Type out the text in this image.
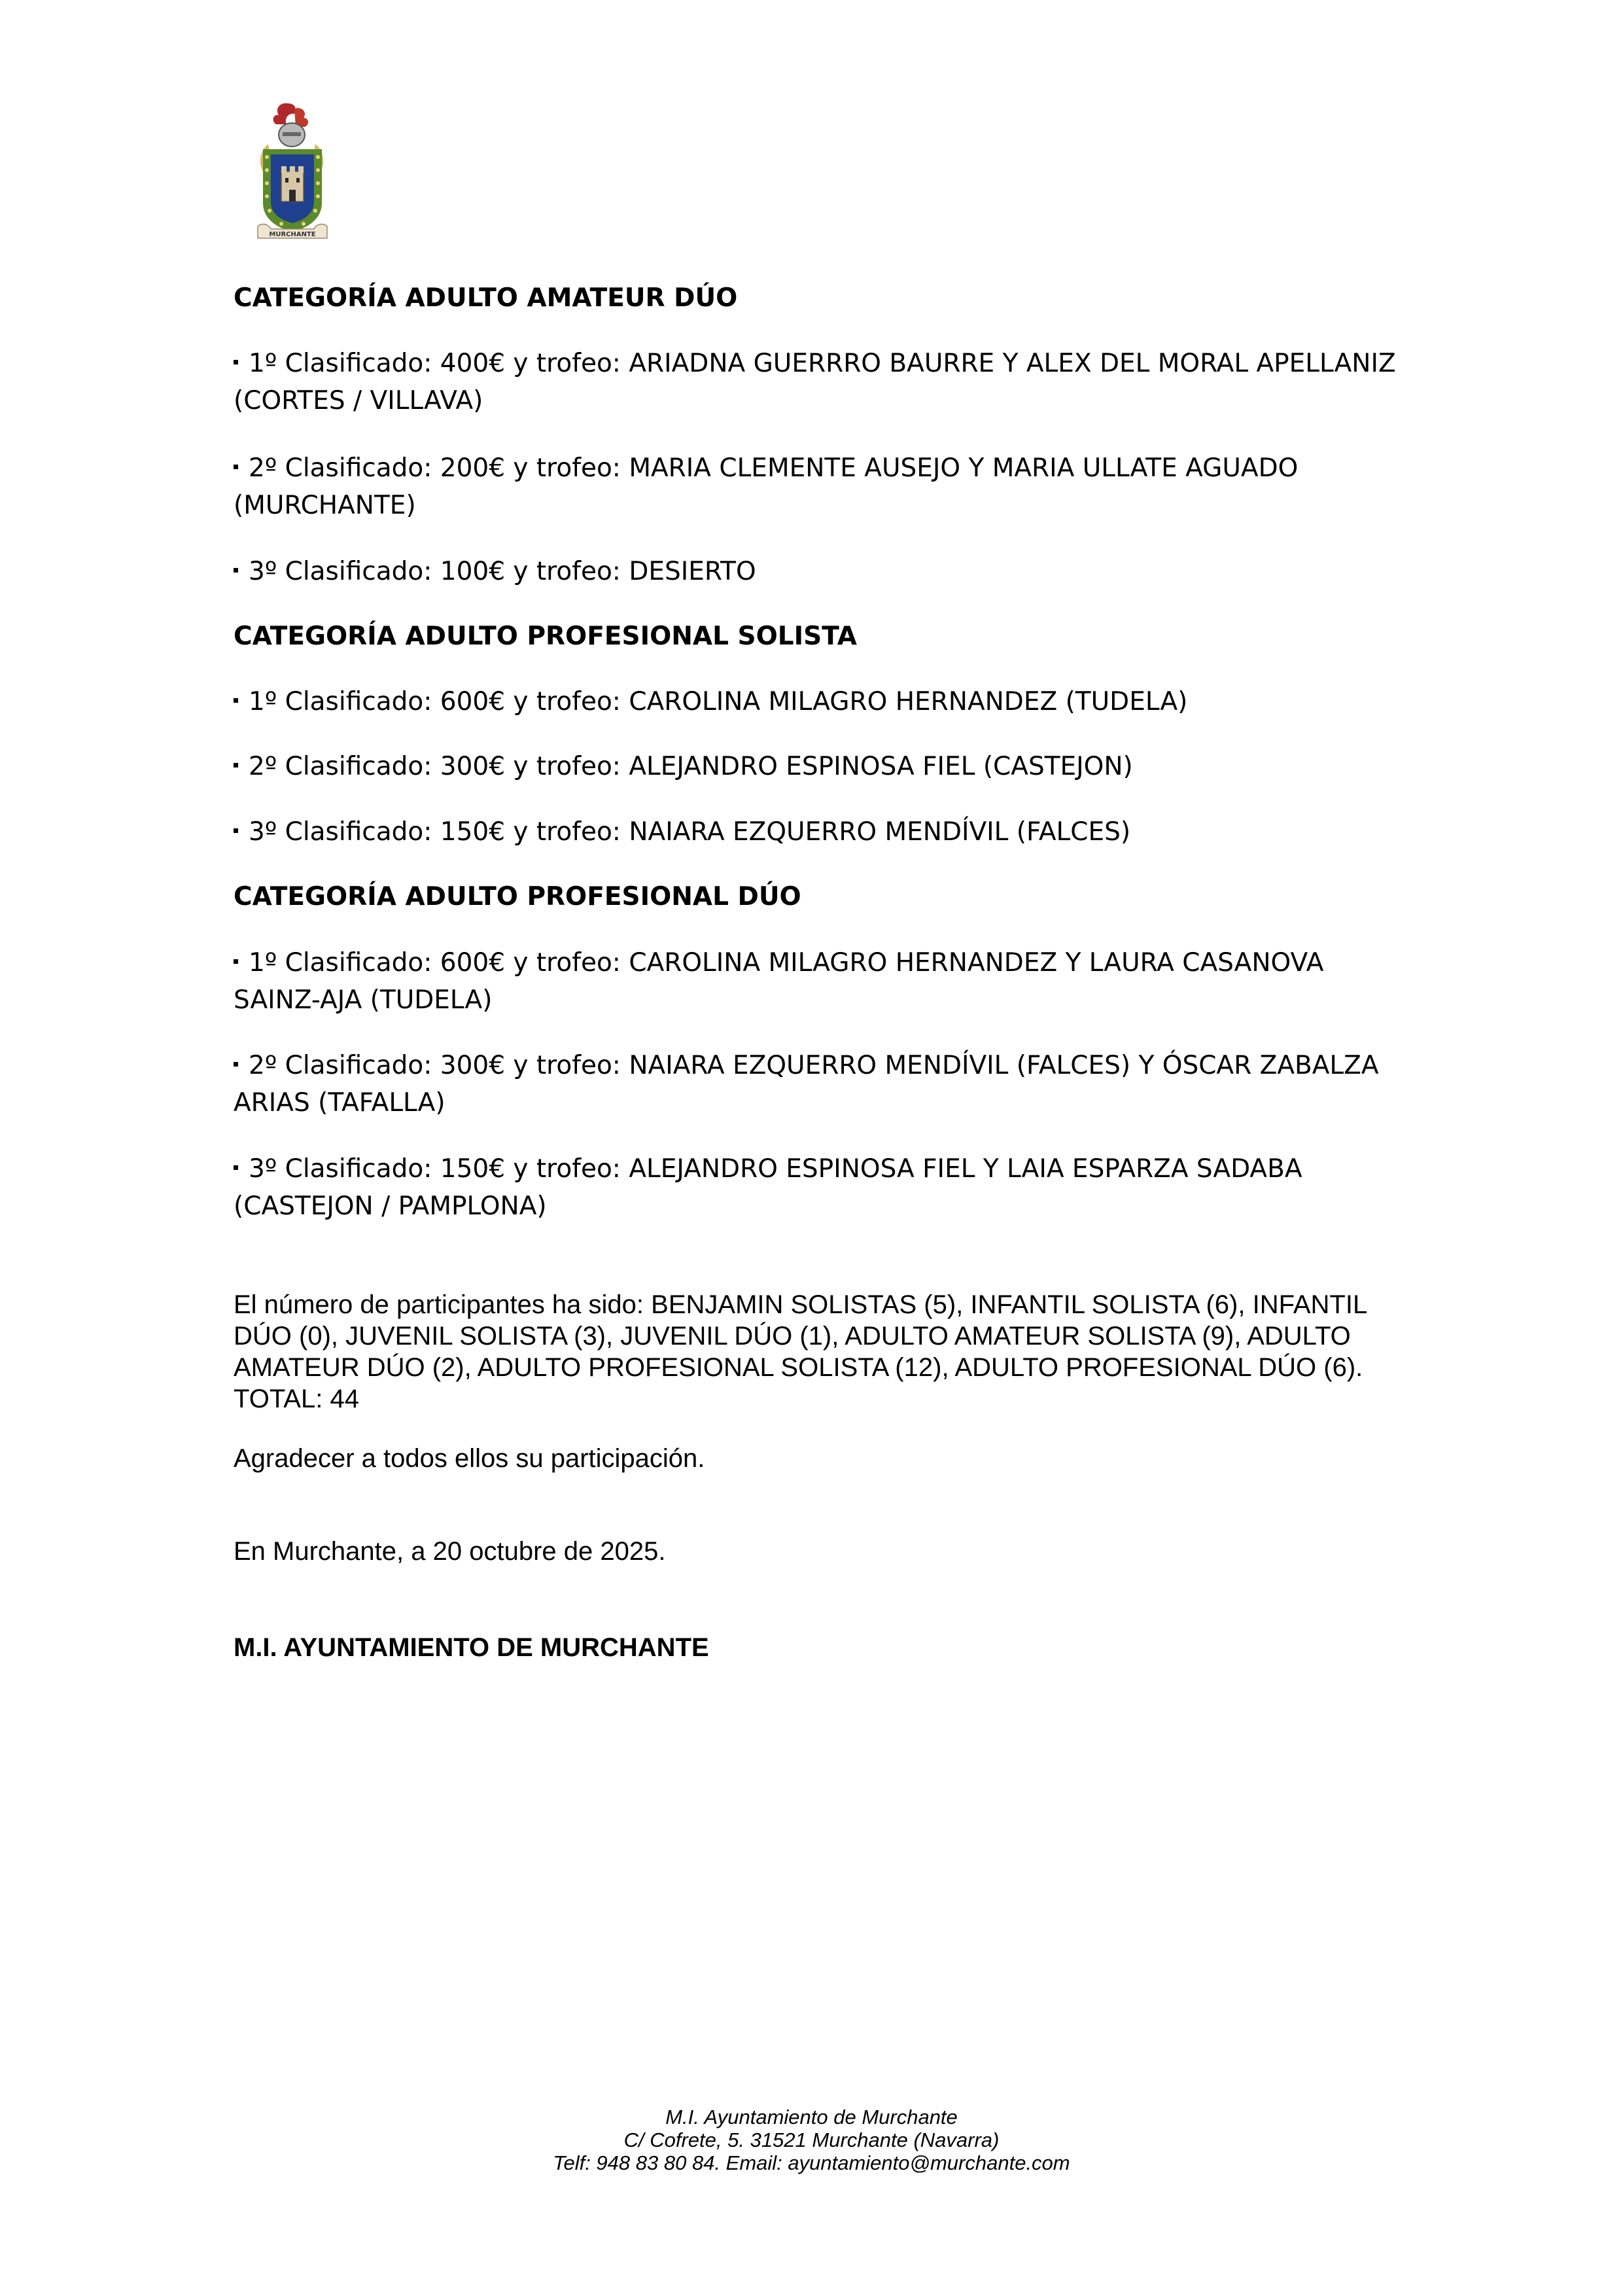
MURCHANTE
CATEGORÍA ADULTO AMATEUR DÚO

1º Clasificado: 400€ y trofeo: ARIADNA GUERRRO BAURRE Y ALEX DEL MORAL APELLANIZ (CORTES / VILLAVA)

2º Clasificado: 200€ y trofeo: MARIA CLEMENTE AUSEJO Y MARIA ULLATE AGUADO (MURCHANTE)

3º Clasificado: 100€ y trofeo: DESIERTO

CATEGORÍA ADULTO PROFESIONAL SOLISTA

1º Clasificado: 600€ y trofeo: CAROLINA MILAGRO HERNANDEZ (TUDELA)

2º Clasificado: 300€ y trofeo: ALEJANDRO ESPINOSA FIEL (CASTEJON)

3º Clasificado: 150€ y trofeo: NAIARA EZQUERRO MENDÍVIL (FALCES)

CATEGORÍA ADULTO PROFESIONAL DÚO

1º Clasificado: 600€ y trofeo: CAROLINA MILAGRO HERNANDEZ Y LAURA CASANOVA SAINZ-AJA (TUDELA)

2º Clasificado: 300€ y trofeo: NAIARA EZQUERRO MENDÍVIL (FALCES) Y ÓSCAR ZABALZA ARIAS (TAFALLA)

3º Clasificado: 150€ y trofeo: ALEJANDRO ESPINOSA FIEL Y LAIA ESPARZA SADABA (CASTEJON / PAMPLONA)

El número de participantes ha sido: BENJAMIN SOLISTAS (5), INFANTIL SOLISTA (6), INFANTIL DÚO (0), JUVENIL SOLISTA (3), JUVENIL DÚO (1), ADULTO AMATEUR SOLISTA (9), ADULTO AMATEUR DÚO (2), ADULTO PROFESIONAL SOLISTA (12), ADULTO PROFESIONAL DÚO (6). TOTAL: 44

Agradecer a todos ellos su participación.

En Murchante, a 20 octubre de 2025.

M.I. AYUNTAMIENTO DE MURCHANTE

M.I. Ayuntamiento de Murchante
C/ Cofrete, 5. 31521 Murchante (Navarra)
Telf: 948 83 80 84. Email: ayuntamiento@murchante.com
